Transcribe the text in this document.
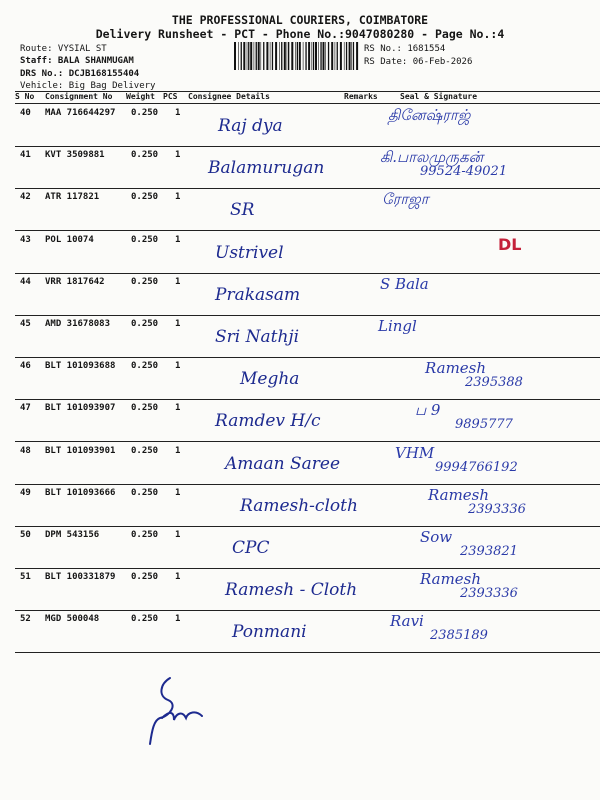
THE PROFESSIONAL COURIERS, COIMBATORE
Delivery Runsheet - PCT - Phone No.:9047080280 - Page No.:4
Route: VYSIAL ST
Staff: BALA SHANMUGAM
DRS No.: DCJB168155404
Vehicle: Big Bag Delivery
RS No.: 1681554
RS Date: 06-Feb-2026
S No Consignment No Weight PCS Consignee Details	Remarks	Seal & Signature
40 MAA 716644297 0.250 1
Raj dya
தினேஷ்ராஜ்
41 KVT 3509881	0.250 1
Balamurugan
கி.பாலமுருகன்
99524-49021
42 ATR 117821	0.250 1
SR
ரோஜா
43 POL 10074	0.250 1
Ustrivel	DL
44 VRR 1817642	0.250 1
Prakasam
S Bala
45 AMD 31678083 0.250 1
Sri Nathji
Lingl
46 BLT 101093688 0.250 1
Megha
Ramesh
2395388
47 BLT 101093907 0.250 1
Ramdev H/c
ப 9
9895777
48 BLT 101093901 0.250 1
Amaan Saree
VHM
9994766192
49 BLT 101093666 0.250 1
Ramesh-cloth
Ramesh
2393336
50 DPM 543156	0.250 1
CPC
Sow
2393821
51 BLT 100331879 0.250 1
Ramesh - Cloth
Ramesh
2393336
52 MGD 500048	0.250 1
Ponmani
Ravi
2385189
